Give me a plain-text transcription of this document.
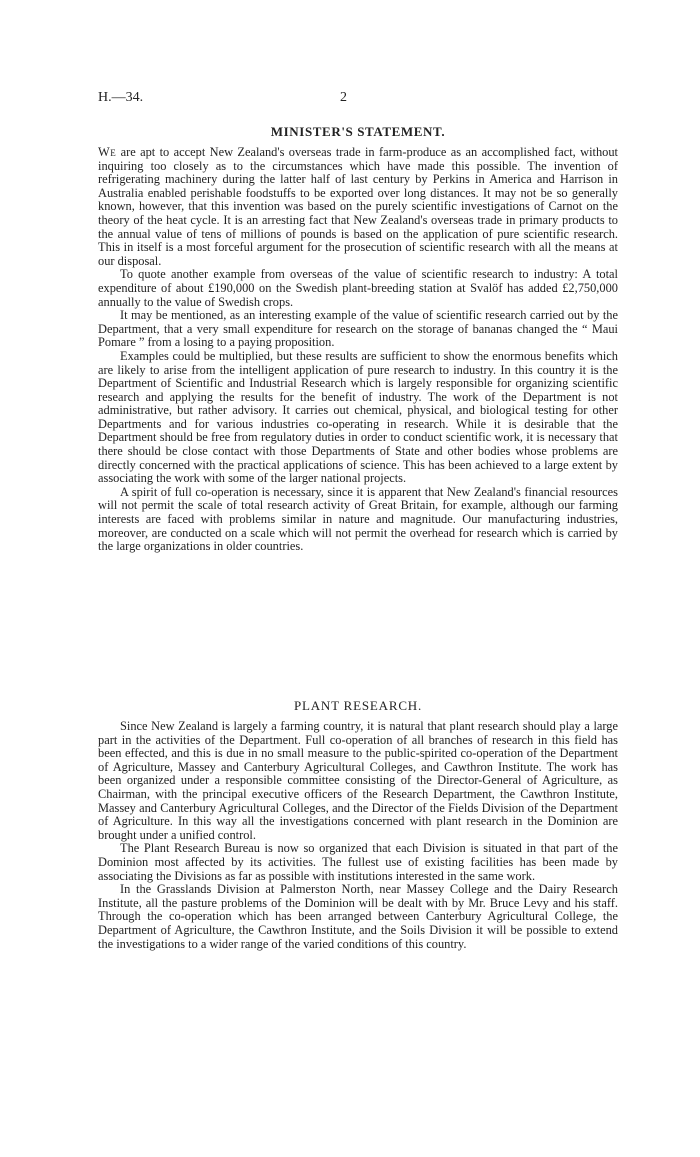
H.—34.	2
MINISTER'S STATEMENT.

We are apt to accept New Zealand's overseas trade in farm-produce as an accomplished fact, without inquiring too closely as to the circumstances which have made this possible. The invention of refrigerating machinery during the latter half of last century by Perkins in America and Harrison in Australia enabled perishable foodstuffs to be exported over long distances. It may not be so generally known, however, that this invention was based on the purely scientific investigations of Carnot on the theory of the heat cycle. It is an arresting fact that New Zealand's overseas trade in primary products to the annual value of tens of millions of pounds is based on the application of pure scientific research. This in itself is a most forceful argument for the prosecution of scientific research with all the means at our disposal.

To quote another example from overseas of the value of scientific research to industry: A total expenditure of about £190,000 on the Swedish plant-breeding station at Svalöf has added £2,750,000 annually to the value of Swedish crops.

It may be mentioned, as an interesting example of the value of scientific research carried out by the Department, that a very small expenditure for research on the storage of bananas changed the “ Maui Pomare ” from a losing to a paying proposition.

Examples could be multiplied, but these results are sufficient to show the enormous benefits which are likely to arise from the intelligent application of pure research to industry. In this country it is the Department of Scientific and Industrial Research which is largely responsible for organizing scientific research and applying the results for the benefit of industry. The work of the Department is not administrative, but rather advisory. It carries out chemical, physical, and biological testing for other Departments and for various industries co-operating in research. While it is desirable that the Department should be free from regulatory duties in order to conduct scientific work, it is necessary that there should be close contact with those Departments of State and other bodies whose problems are directly concerned with the practical applications of science. This has been achieved to a large extent by associating the work with some of the larger national projects.

A spirit of full co-operation is necessary, since it is apparent that New Zealand's financial resources will not permit the scale of total research activity of Great Britain, for example, although our farming interests are faced with problems similar in nature and magnitude. Our manufacturing industries, moreover, are conducted on a scale which will not permit the overhead for research which is carried by the large organizations in older countries.

PLANT RESEARCH.

Since New Zealand is largely a farming country, it is natural that plant research should play a large part in the activities of the Department. Full co-operation of all branches of research in this field has been effected, and this is due in no small measure to the public-spirited co-operation of the Department of Agriculture, Massey and Canterbury Agricultural Colleges, and Cawthron Institute. The work has been organized under a responsible committee consisting of the Director-General of Agriculture, as Chairman, with the principal executive officers of the Research Department, the Cawthron Institute, Massey and Canterbury Agricultural Colleges, and the Director of the Fields Division of the Department of Agriculture. In this way all the investigations concerned with plant research in the Dominion are brought under a unified control.

The Plant Research Bureau is now so organized that each Division is situated in that part of the Dominion most affected by its activities. The fullest use of existing facilities has been made by associating the Divisions as far as possible with institutions interested in the same work.

In the Grasslands Division at Palmerston North, near Massey College and the Dairy Research Institute, all the pasture problems of the Dominion will be dealt with by Mr. Bruce Levy and his staff. Through the co-operation which has been arranged between Canterbury Agricultural College, the Department of Agriculture, the Cawthron Institute, and the Soils Division it will be possible to extend the investigations to a wider range of the varied conditions of this country.
